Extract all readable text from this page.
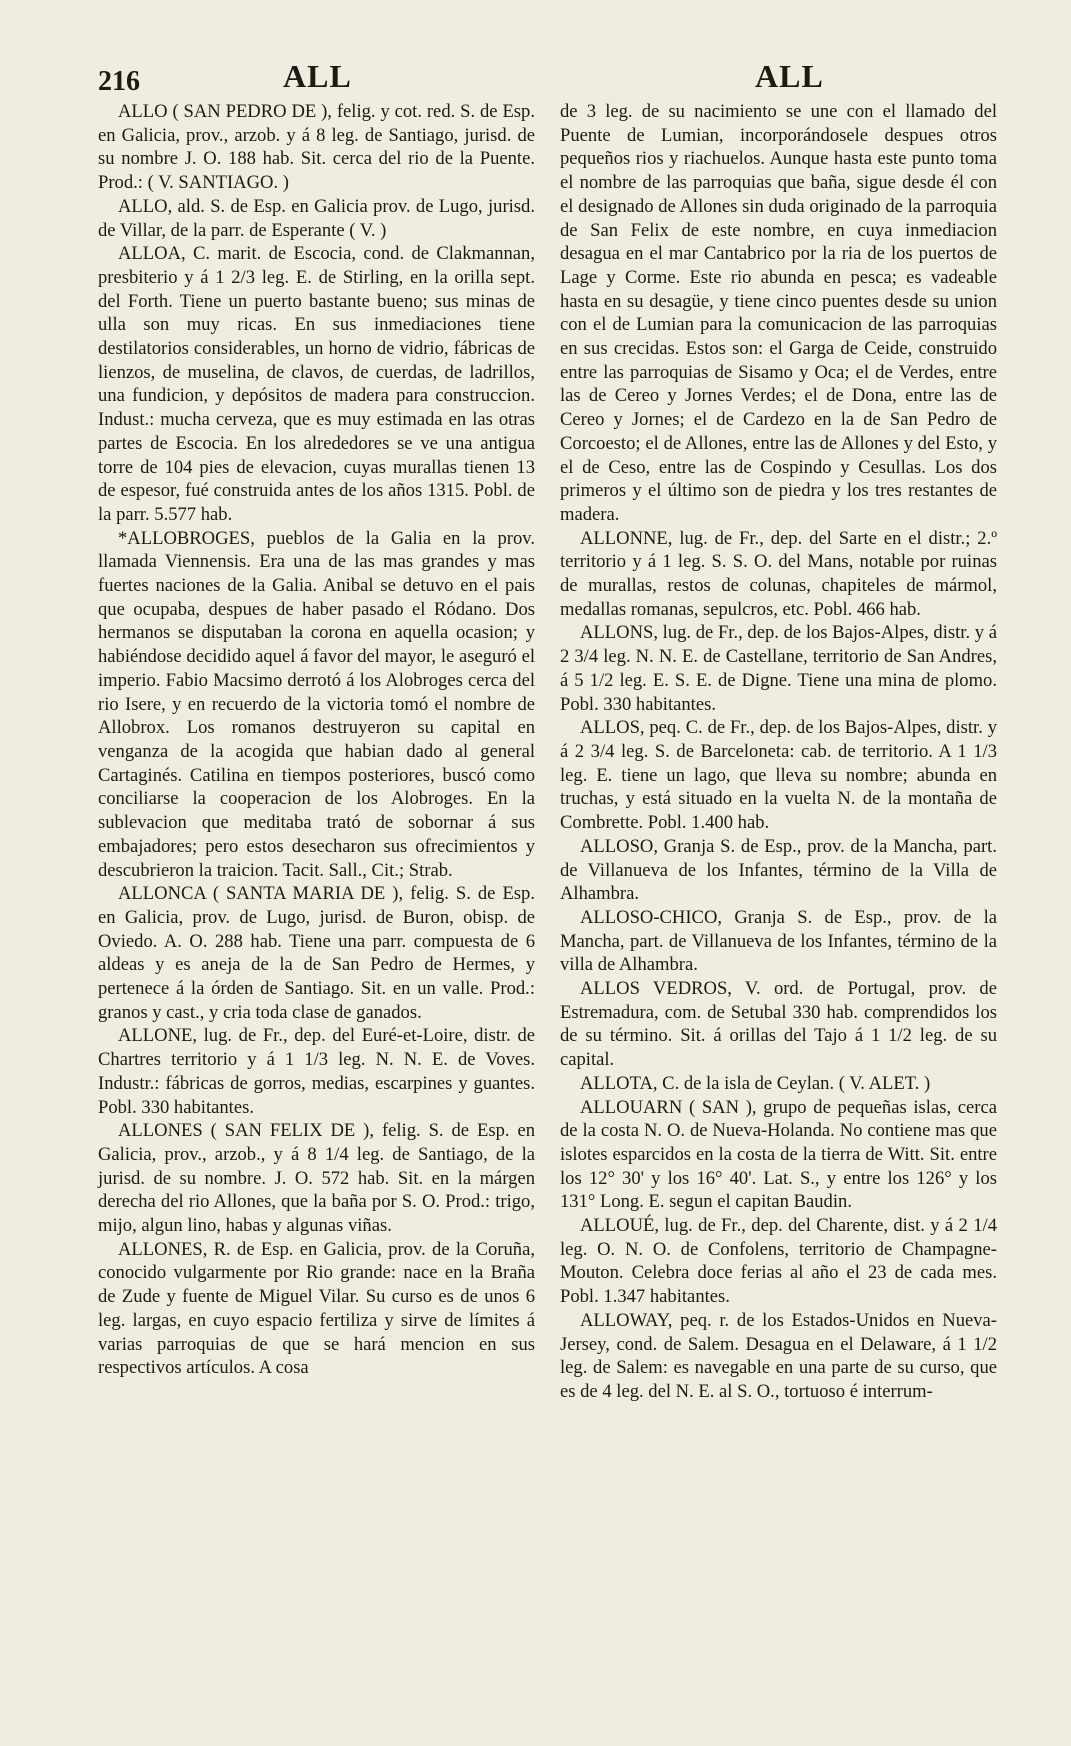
216	ALL	ALL

ALLO ( SAN PEDRO DE ), felig. y cot. red. S. de Esp. en Galicia, prov., arzob. y á 8 leg. de Santiago, jurisd. de su nombre J. O. 188 hab. Sit. cerca del rio de la Puente. Prod.: ( V. SANTIAGO. )

ALLO, ald. S. de Esp. en Galicia prov. de Lugo, jurisd. de Villar, de la parr. de Esperante ( V. )

ALLOA, C. marit. de Escocia, cond. de Clakmannan, presbiterio y á 1 2/3 leg. E. de Stirling, en la orilla sept. del Forth. Tiene un puerto bastante bueno; sus minas de ulla son muy ricas. En sus inmediaciones tiene destilatorios considerables, un horno de vidrio, fábricas de lienzos, de muselina, de clavos, de cuerdas, de ladrillos, una fundicion, y depósitos de madera para construccion. Indust.: mucha cerveza, que es muy estimada en las otras partes de Escocia. En los alrededores se ve una antigua torre de 104 pies de elevacion, cuyas murallas tienen 13 de espesor, fué construida antes de los años 1315. Pobl. de la parr. 5.577 hab.

*ALLOBROGES, pueblos de la Galia en la prov. llamada Viennensis. Era una de las mas grandes y mas fuertes naciones de la Galia. Anibal se detuvo en el pais que ocupaba, despues de haber pasado el Ródano. Dos hermanos se disputaban la corona en aquella ocasion; y habiéndose decidido aquel á favor del mayor, le aseguró el imperio. Fabio Macsimo derrotó á los Alobroges cerca del rio Isere, y en recuerdo de la victoria tomó el nombre de Allobrox. Los romanos destruyeron su capital en venganza de la acogida que habian dado al general Cartaginés. Catilina en tiempos posteriores, buscó como conciliarse la cooperacion de los Alobroges. En la sublevacion que meditaba trató de sobornar á sus embajadores; pero estos desecharon sus ofrecimientos y descubrieron la traicion. Tacit. Sall., Cit.; Strab.

ALLONCA ( SANTA MARIA DE ), felig. S. de Esp. en Galicia, prov. de Lugo, jurisd. de Buron, obisp. de Oviedo. A. O. 288 hab. Tiene una parr. compuesta de 6 aldeas y es aneja de la de San Pedro de Hermes, y pertenece á la órden de Santiago. Sit. en un valle. Prod.: granos y cast., y cria toda clase de ganados.

ALLONE, lug. de Fr., dep. del Euré-et-Loire, distr. de Chartres territorio y á 1 1/3 leg. N. N. E. de Voves. Industr.: fábricas de gorros, medias, escarpines y guantes. Pobl. 330 habitantes.

ALLONES ( SAN FELIX DE ), felig. S. de Esp. en Galicia, prov., arzob., y á 8 1/4 leg. de Santiago, de la jurisd. de su nombre. J. O. 572 hab. Sit. en la márgen derecha del rio Allones, que la baña por S. O. Prod.: trigo, mijo, algun lino, habas y algunas viñas.

ALLONES, R. de Esp. en Galicia, prov. de la Coruña, conocido vulgarmente por Rio grande: nace en la Braña de Zude y fuente de Miguel Vilar. Su curso es de unos 6 leg. largas, en cuyo espacio fertiliza y sirve de límites á varias parroquias de que se hará mencion en sus respectivos artículos. A cosa

de 3 leg. de su nacimiento se une con el llamado del Puente de Lumian, incorporándosele despues otros pequeños rios y riachuelos. Aunque hasta este punto toma el nombre de las parroquias que baña, sigue desde él con el designado de Allones sin duda originado de la parroquia de San Felix de este nombre, en cuya inmediacion desagua en el mar Cantabrico por la ria de los puertos de Lage y Corme. Este rio abunda en pesca; es vadeable hasta en su desagüe, y tiene cinco puentes desde su union con el de Lumian para la comunicacion de las parroquias en sus crecidas. Estos son: el Garga de Ceide, construido entre las parroquias de Sisamo y Oca; el de Verdes, entre las de Cereo y Jornes Verdes; el de Dona, entre las de Cereo y Jornes; el de Cardezo en la de San Pedro de Corcoesto; el de Allones, entre las de Allones y del Esto, y el de Ceso, entre las de Cospindo y Cesullas. Los dos primeros y el último son de piedra y los tres restantes de madera.

ALLONNE, lug. de Fr., dep. del Sarte en el distr.; 2.º territorio y á 1 leg. S. S. O. del Mans, notable por ruinas de murallas, restos de colunas, chapiteles de mármol, medallas romanas, sepulcros, etc. Pobl. 466 hab.

ALLONS, lug. de Fr., dep. de los Bajos-Alpes, distr. y á 2 3/4 leg. N. N. E. de Castellane, territorio de San Andres, á 5 1/2 leg. E. S. E. de Digne. Tiene una mina de plomo. Pobl. 330 habitantes.

ALLOS, peq. C. de Fr., dep. de los Bajos-Alpes, distr. y á 2 3/4 leg. S. de Barceloneta: cab. de territorio. A 1 1/3 leg. E. tiene un lago, que lleva su nombre; abunda en truchas, y está situado en la vuelta N. de la montaña de Combrette. Pobl. 1.400 hab.

ALLOSO, Granja S. de Esp., prov. de la Mancha, part. de Villanueva de los Infantes, término de la Villa de Alhambra.

ALLOSO-CHICO, Granja S. de Esp., prov. de la Mancha, part. de Villanueva de los Infantes, término de la villa de Alhambra.

ALLOS VEDROS, V. ord. de Portugal, prov. de Estremadura, com. de Setubal 330 hab. comprendidos los de su término. Sit. á orillas del Tajo á 1 1/2 leg. de su capital.

ALLOTA, C. de la isla de Ceylan. ( V. ALET. )

ALLOUARN ( SAN ), grupo de pequeñas islas, cerca de la costa N. O. de Nueva-Holanda. No contiene mas que islotes esparcidos en la costa de la tierra de Witt. Sit. entre los 12° 30' y los 16° 40'. Lat. S., y entre los 126° y los 131° Long. E. segun el capitan Baudin.

ALLOUÉ, lug. de Fr., dep. del Charente, dist. y á 2 1/4 leg. O. N. O. de Confolens, territorio de Champagne-Mouton. Celebra doce ferias al año el 23 de cada mes. Pobl. 1.347 habitantes.

ALLOWAY, peq. r. de los Estados-Unidos en Nueva-Jersey, cond. de Salem. Desagua en el Delaware, á 1 1/2 leg. de Salem: es navegable en una parte de su curso, que es de 4 leg. del N. E. al S. O., tortuoso é interrum-
